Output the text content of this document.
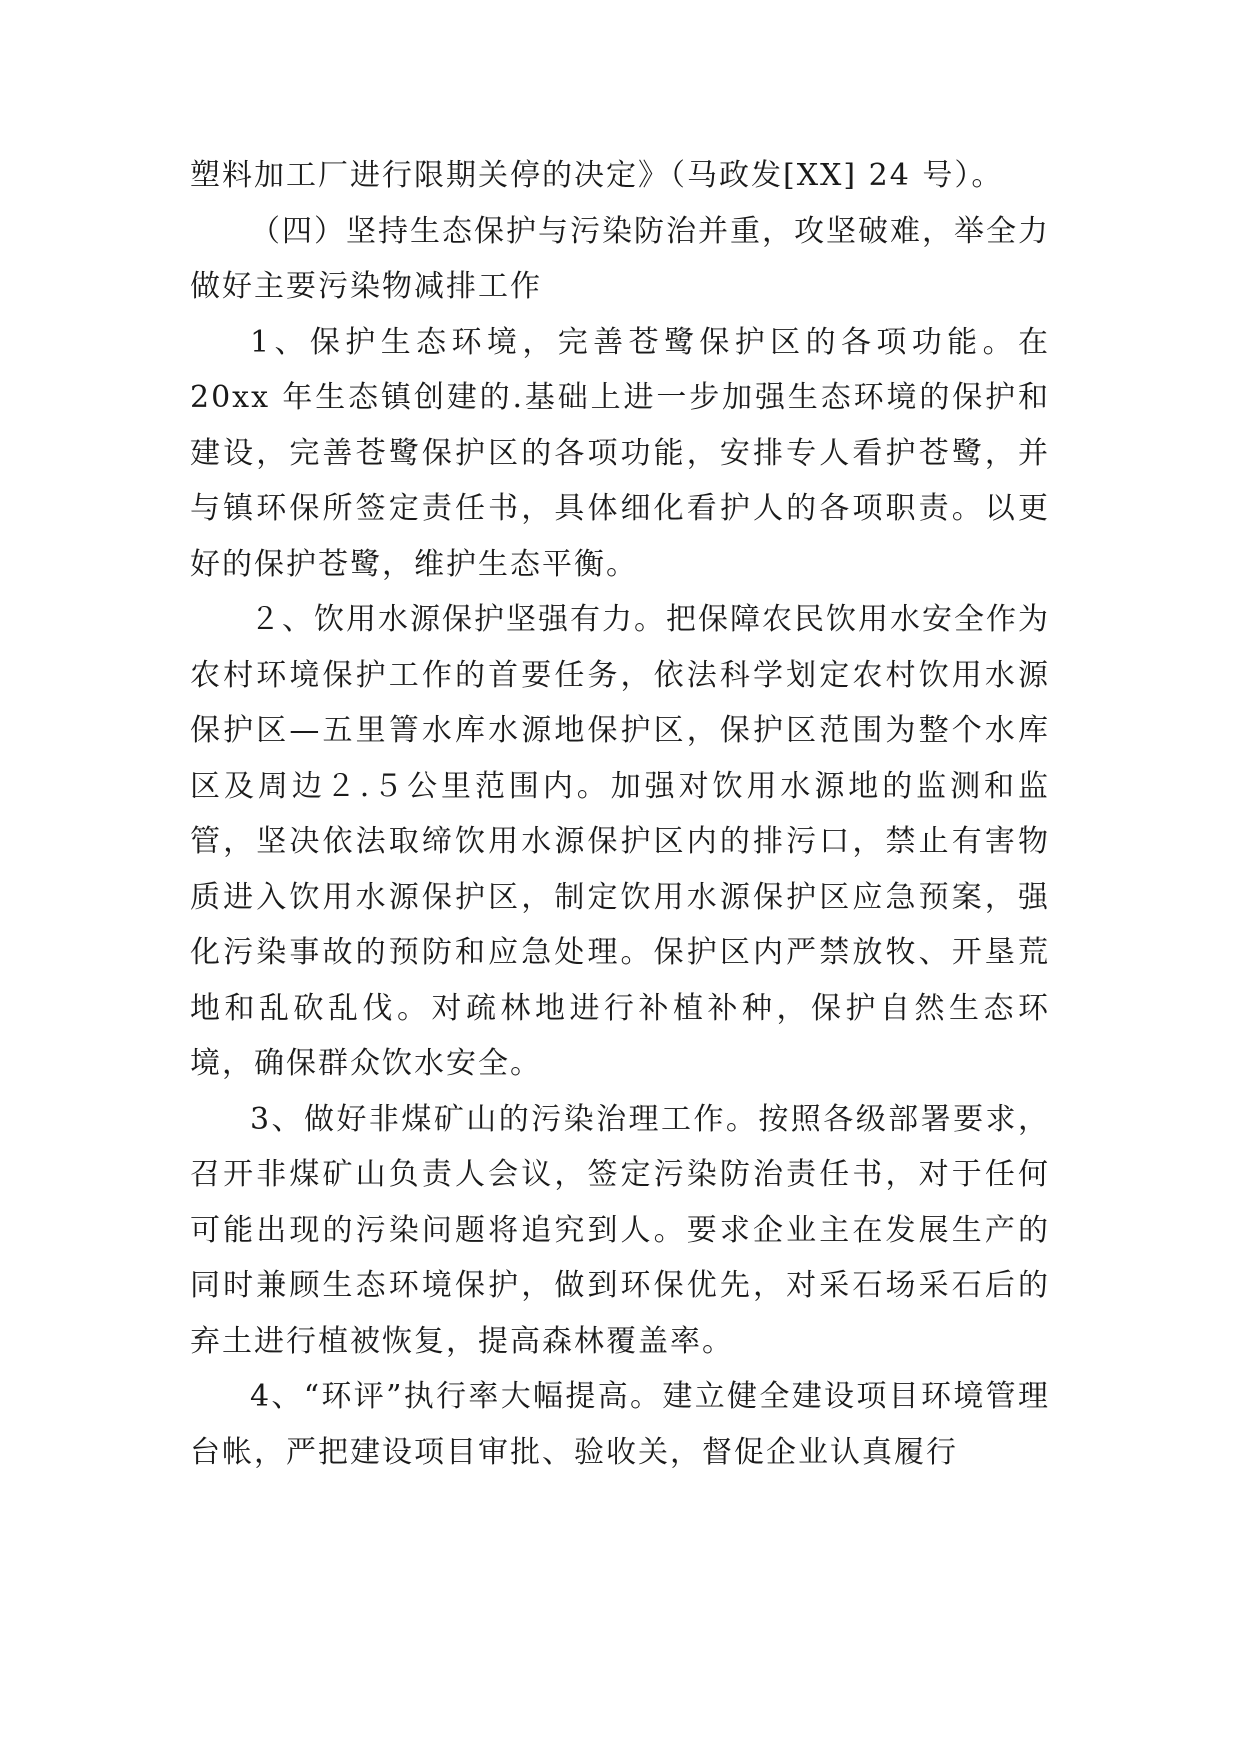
塑料加工厂进行限期关停的决定》（马政发[XX] 24 号）。

（四）坚持生态保护与污染防治并重，攻坚破难，举全力做好主要污染物减排工作

1、保护生态环境，完善苍鹭保护区的各项功能。在 20xx 年生态镇创建的.基础上进一步加强生态环境的保护和建设，完善苍鹭保护区的各项功能，安排专人看护苍鹭，并与镇环保所签定责任书，具体细化看护人的各项职责。以更好的保护苍鹭，维护生态平衡。

２、饮用水源保护坚强有力。把保障农民饮用水安全作为农村环境保护工作的首要任务，依法科学划定农村饮用水源保护区—五里箐水库水源地保护区，保护区范围为整个水库区及周边２.５公里范围内。加强对饮用水源地的监测和监管，坚决依法取缔饮用水源保护区内的排污口，禁止有害物质进入饮用水源保护区，制定饮用水源保护区应急预案，强化污染事故的预防和应急处理。保护区内严禁放牧、开垦荒地和乱砍乱伐。对疏林地进行补植补种，保护自然生态环境，确保群众饮水安全。

3、做好非煤矿山的污染治理工作。按照各级部署要求，召开非煤矿山负责人会议，签定污染防治责任书，对于任何可能出现的污染问题将追究到人。要求企业主在发展生产的同时兼顾生态环境保护，做到环保优先，对采石场采石后的弃土进行植被恢复，提高森林覆盖率。

4、“环评”执行率大幅提高。建立健全建设项目环境管理台帐，严把建设项目审批、验收关，督促企业认真履行
